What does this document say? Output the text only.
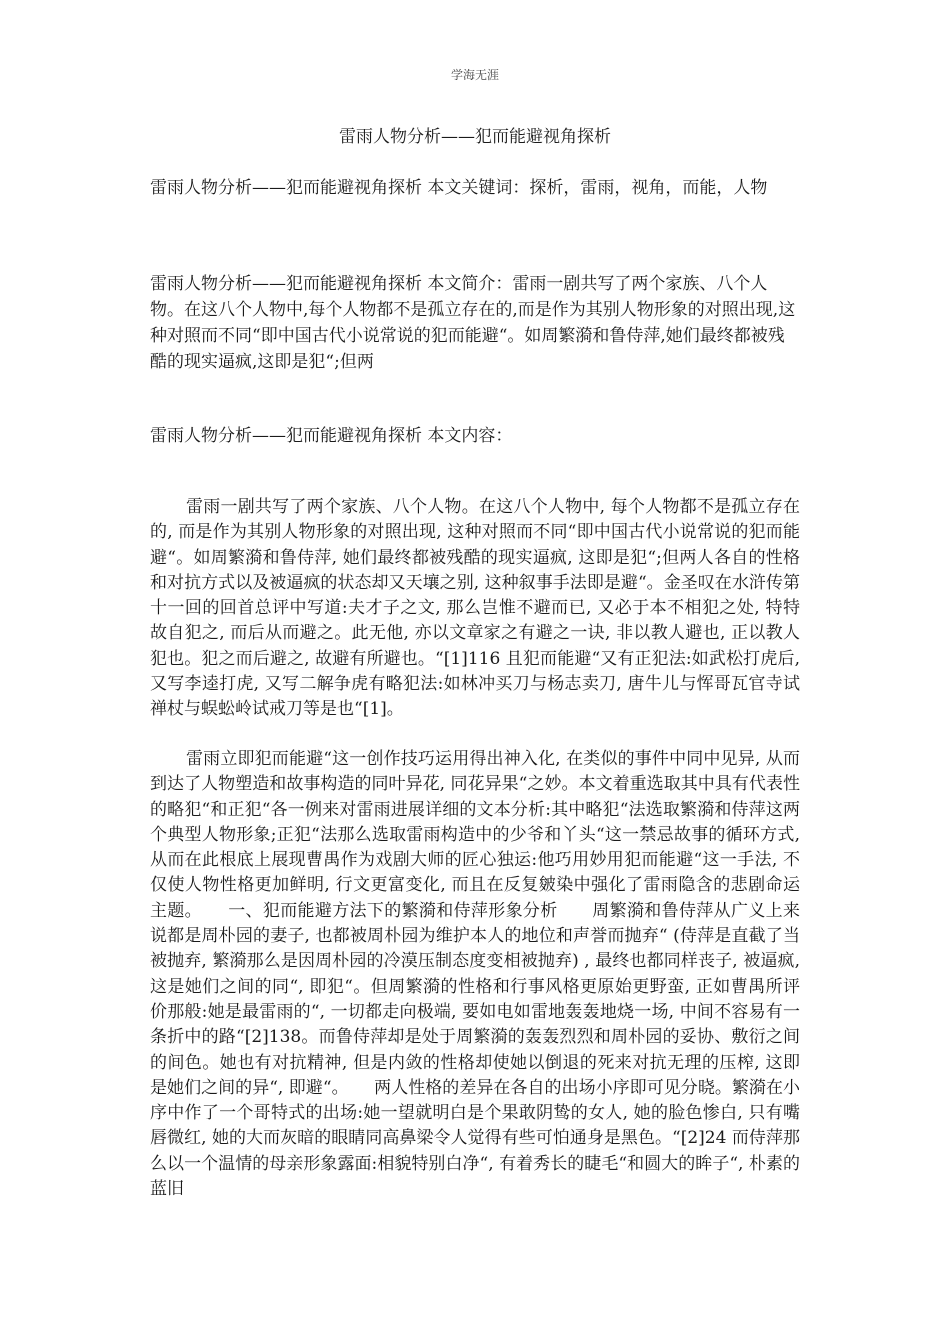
学海无涯
雷雨人物分析——犯而能避视角探析

雷雨人物分析——犯而能避视角探析 本文关键词：探析，雷雨，视角，而能，人物

雷雨人物分析——犯而能避视角探析 本文简介：雷雨一剧共写了两个家族、八个人物。在这八个人物中,每个人物都不是孤立存在的,而是作为其别人物形象的对照出现,这种对照而不同“即中国古代小说常说的犯而能避“。如周繁漪和鲁侍萍,她们最终都被残酷的现实逼疯,这即是犯“;但两

雷雨人物分析——犯而能避视角探析 本文内容：

雷雨一剧共写了两个家族、八个人物。在这八个人物中, 每个人物都不是孤立存在的, 而是作为其别人物形象的对照出现, 这种对照而不同“即中国古代小说常说的犯而能避“。如周繁漪和鲁侍萍, 她们最终都被残酷的现实逼疯, 这即是犯“;但两人各自的性格和对抗方式以及被逼疯的状态却又天壤之别, 这种叙事手法即是避“。金圣叹在水浒传第十一回的回首总评中写道:夫才子之文, 那么岂惟不避而已, 又必于本不相犯之处, 特特故自犯之, 而后从而避之。此无他, 亦以文章家之有避之一诀, 非以教人避也, 正以教人犯也。犯之而后避之, 故避有所避也。“[1]116 且犯而能避“又有正犯法:如武松打虎后, 又写李逵打虎, 又写二解争虎有略犯法:如林冲买刀与杨志卖刀, 唐牛儿与恽哥瓦官寺试禅杖与蜈蚣岭试戒刀等是也“[1]。

雷雨立即犯而能避“这一创作技巧运用得出神入化, 在类似的事件中同中见异, 从而到达了人物塑造和故事构造的同叶异花, 同花异果“之妙。本文着重选取其中具有代表性的略犯“和正犯“各一例来对雷雨进展详细的文本分析:其中略犯“法选取繁漪和侍萍这两个典型人物形象;正犯“法那么选取雷雨构造中的少爷和丫头“这一禁忌故事的循环方式, 从而在此根底上展现曹禺作为戏剧大师的匠心独运:他巧用妙用犯而能避“这一手法, 不仅使人物性格更加鲜明, 行文更富变化, 而且在反复皴染中强化了雷雨隐含的悲剧命运主题。　　一、犯而能避方法下的繁漪和侍萍形象分析　　周繁漪和鲁侍萍从广义上来说都是周朴园的妻子, 也都被周朴园为维护本人的地位和声誉而抛弃“ (侍萍是直截了当被抛弃, 繁漪那么是因周朴园的冷漠压制态度变相被抛弃) , 最终也都同样丧子, 被逼疯, 这是她们之间的同“, 即犯“。但周繁漪的性格和行事风格更原始更野蛮, 正如曹禺所评价那般:她是最雷雨的“, 一切都走向极端, 要如电如雷地轰轰地烧一场, 中间不容易有一条折中的路“[2]138。而鲁侍萍却是处于周繁漪的轰轰烈烈和周朴园的妥协、敷衍之间的间色。她也有对抗精神, 但是内敛的性格却使她以倒退的死来对抗无理的压榨, 这即是她们之间的异“, 即避“。　　两人性格的差异在各自的出场小序即可见分晓。繁漪在小序中作了一个哥特式的出场:她一望就明白是个果敢阴鸷的女人, 她的脸色惨白, 只有嘴唇微红, 她的大而灰暗的眼睛同高鼻梁令人觉得有些可怕通身是黑色。“[2]24 而侍萍那么以一个温情的母亲形象露面:相貌特别白净“, 有着秀长的睫毛“和圆大的眸子“, 朴素的蓝旧
